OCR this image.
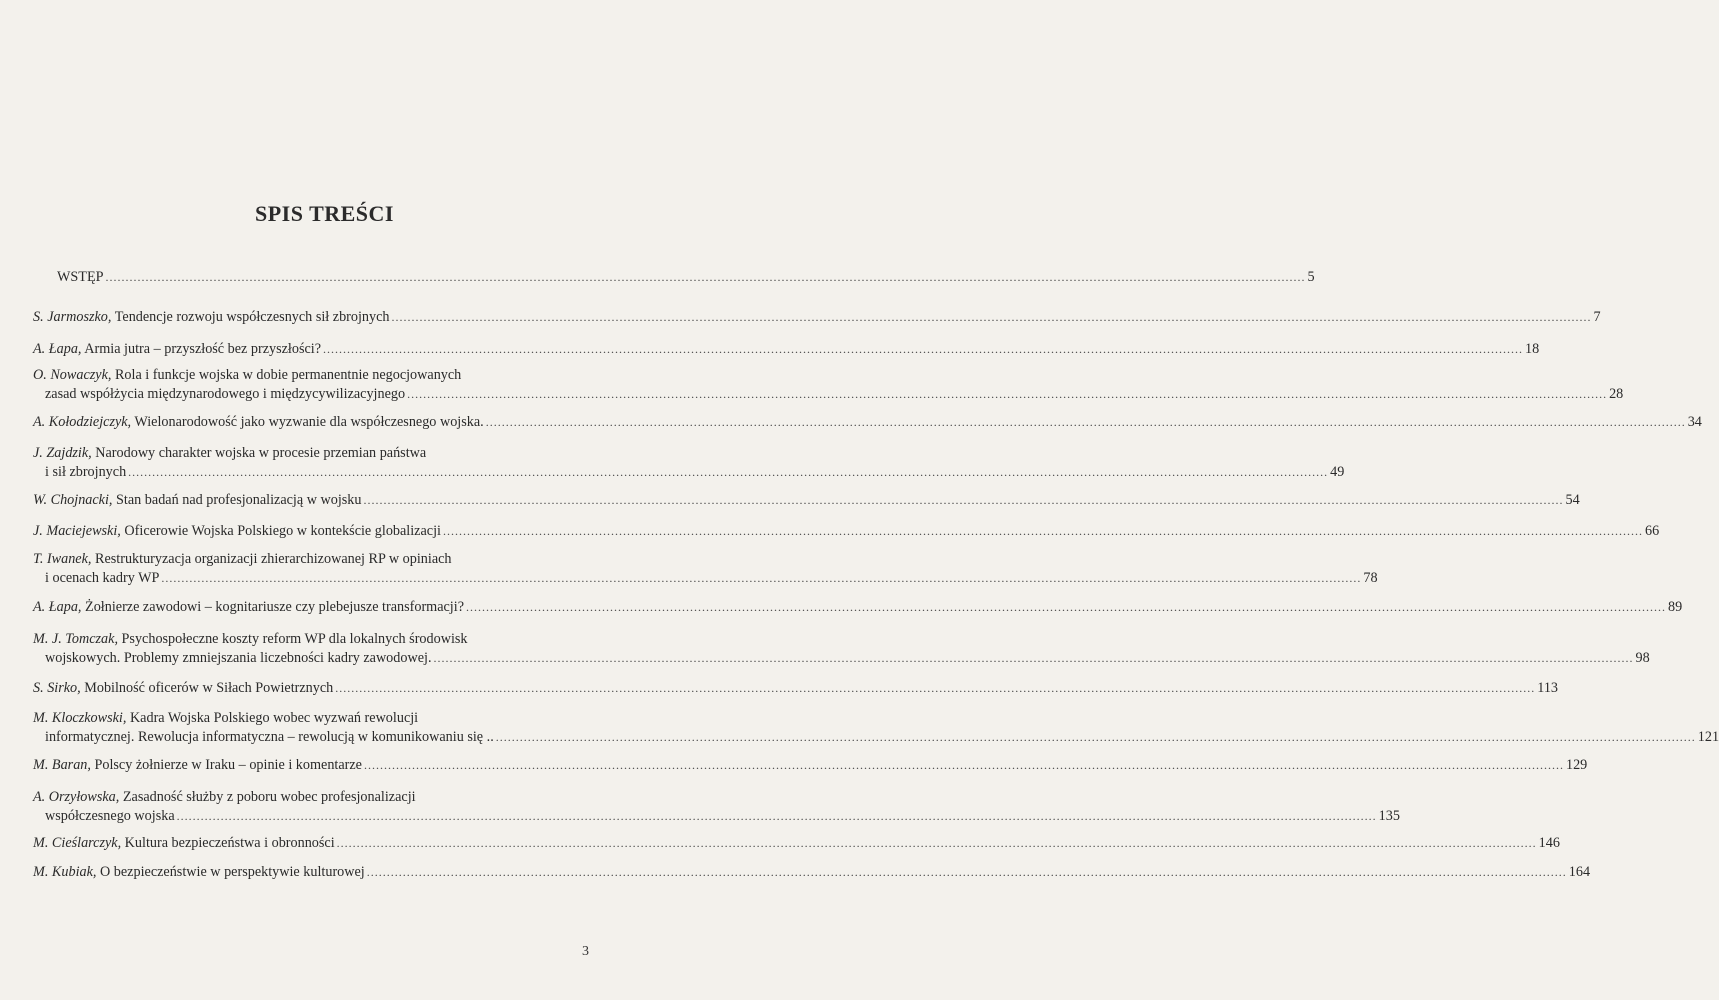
SPIS TREŚCI
WSTĘP ............................................................................................................................................................................................................................................................................................................ 5
S. Jarmoszko, Tendencje rozwoju współczesnych sił zbrojnych ............................................................................................................................................................................................................................................................................................................ 7
A. Łapa, Armia jutra – przyszłość bez przyszłości? ............................................................................................................................................................................................................................................................................................................ 18
O. Nowaczyk, Rola i funkcje wojska w dobie permanentnie negocjowanych
zasad współżycia międzynarodowego i międzycywilizacyjnego ............................................................................................................................................................................................................................................................................................................ 28
A. Kołodziejczyk, Wielonarodowość jako wyzwanie dla współczesnego wojska. ............................................................................................................................................................................................................................................................................................................ 34
J. Zajdzik, Narodowy charakter wojska w procesie przemian państwa
i sił zbrojnych ............................................................................................................................................................................................................................................................................................................ 49
W. Chojnacki, Stan badań nad profesjonalizacją w wojsku ............................................................................................................................................................................................................................................................................................................ 54
J. Maciejewski, Oficerowie Wojska Polskiego w kontekście globalizacji ............................................................................................................................................................................................................................................................................................................ 66
T. Iwanek, Restrukturyzacja organizacji zhierarchizowanej RP w opiniach
i ocenach kadry WP ............................................................................................................................................................................................................................................................................................................ 78
A. Łapa, Żołnierze zawodowi – kognitariusze czy plebejusze transformacji? ............................................................................................................................................................................................................................................................................................................ 89
M. J. Tomczak, Psychospołeczne koszty reform WP dla lokalnych środowisk
wojskowych. Problemy zmniejszania liczebności kadry zawodowej. ............................................................................................................................................................................................................................................................................................................ 98
S. Sirko, Mobilność oficerów w Siłach Powietrznych ............................................................................................................................................................................................................................................................................................................ 113
M. Kloczkowski, Kadra Wojska Polskiego wobec wyzwań rewolucji
informatycznej. Rewolucja informatyczna – rewolucją w komunikowaniu się .. ............................................................................................................................................................................................................................................................................................................ 121
M. Baran, Polscy żołnierze w Iraku – opinie i komentarze ............................................................................................................................................................................................................................................................................................................ 129
A. Orzyłowska, Zasadność służby z poboru wobec profesjonalizacji
współczesnego wojska ............................................................................................................................................................................................................................................................................................................ 135
M. Cieślarczyk, Kultura bezpieczeństwa i obronności ............................................................................................................................................................................................................................................................................................................ 146
M. Kubiak, O bezpieczeństwie w perspektywie kulturowej ............................................................................................................................................................................................................................................................................................................ 164
3
